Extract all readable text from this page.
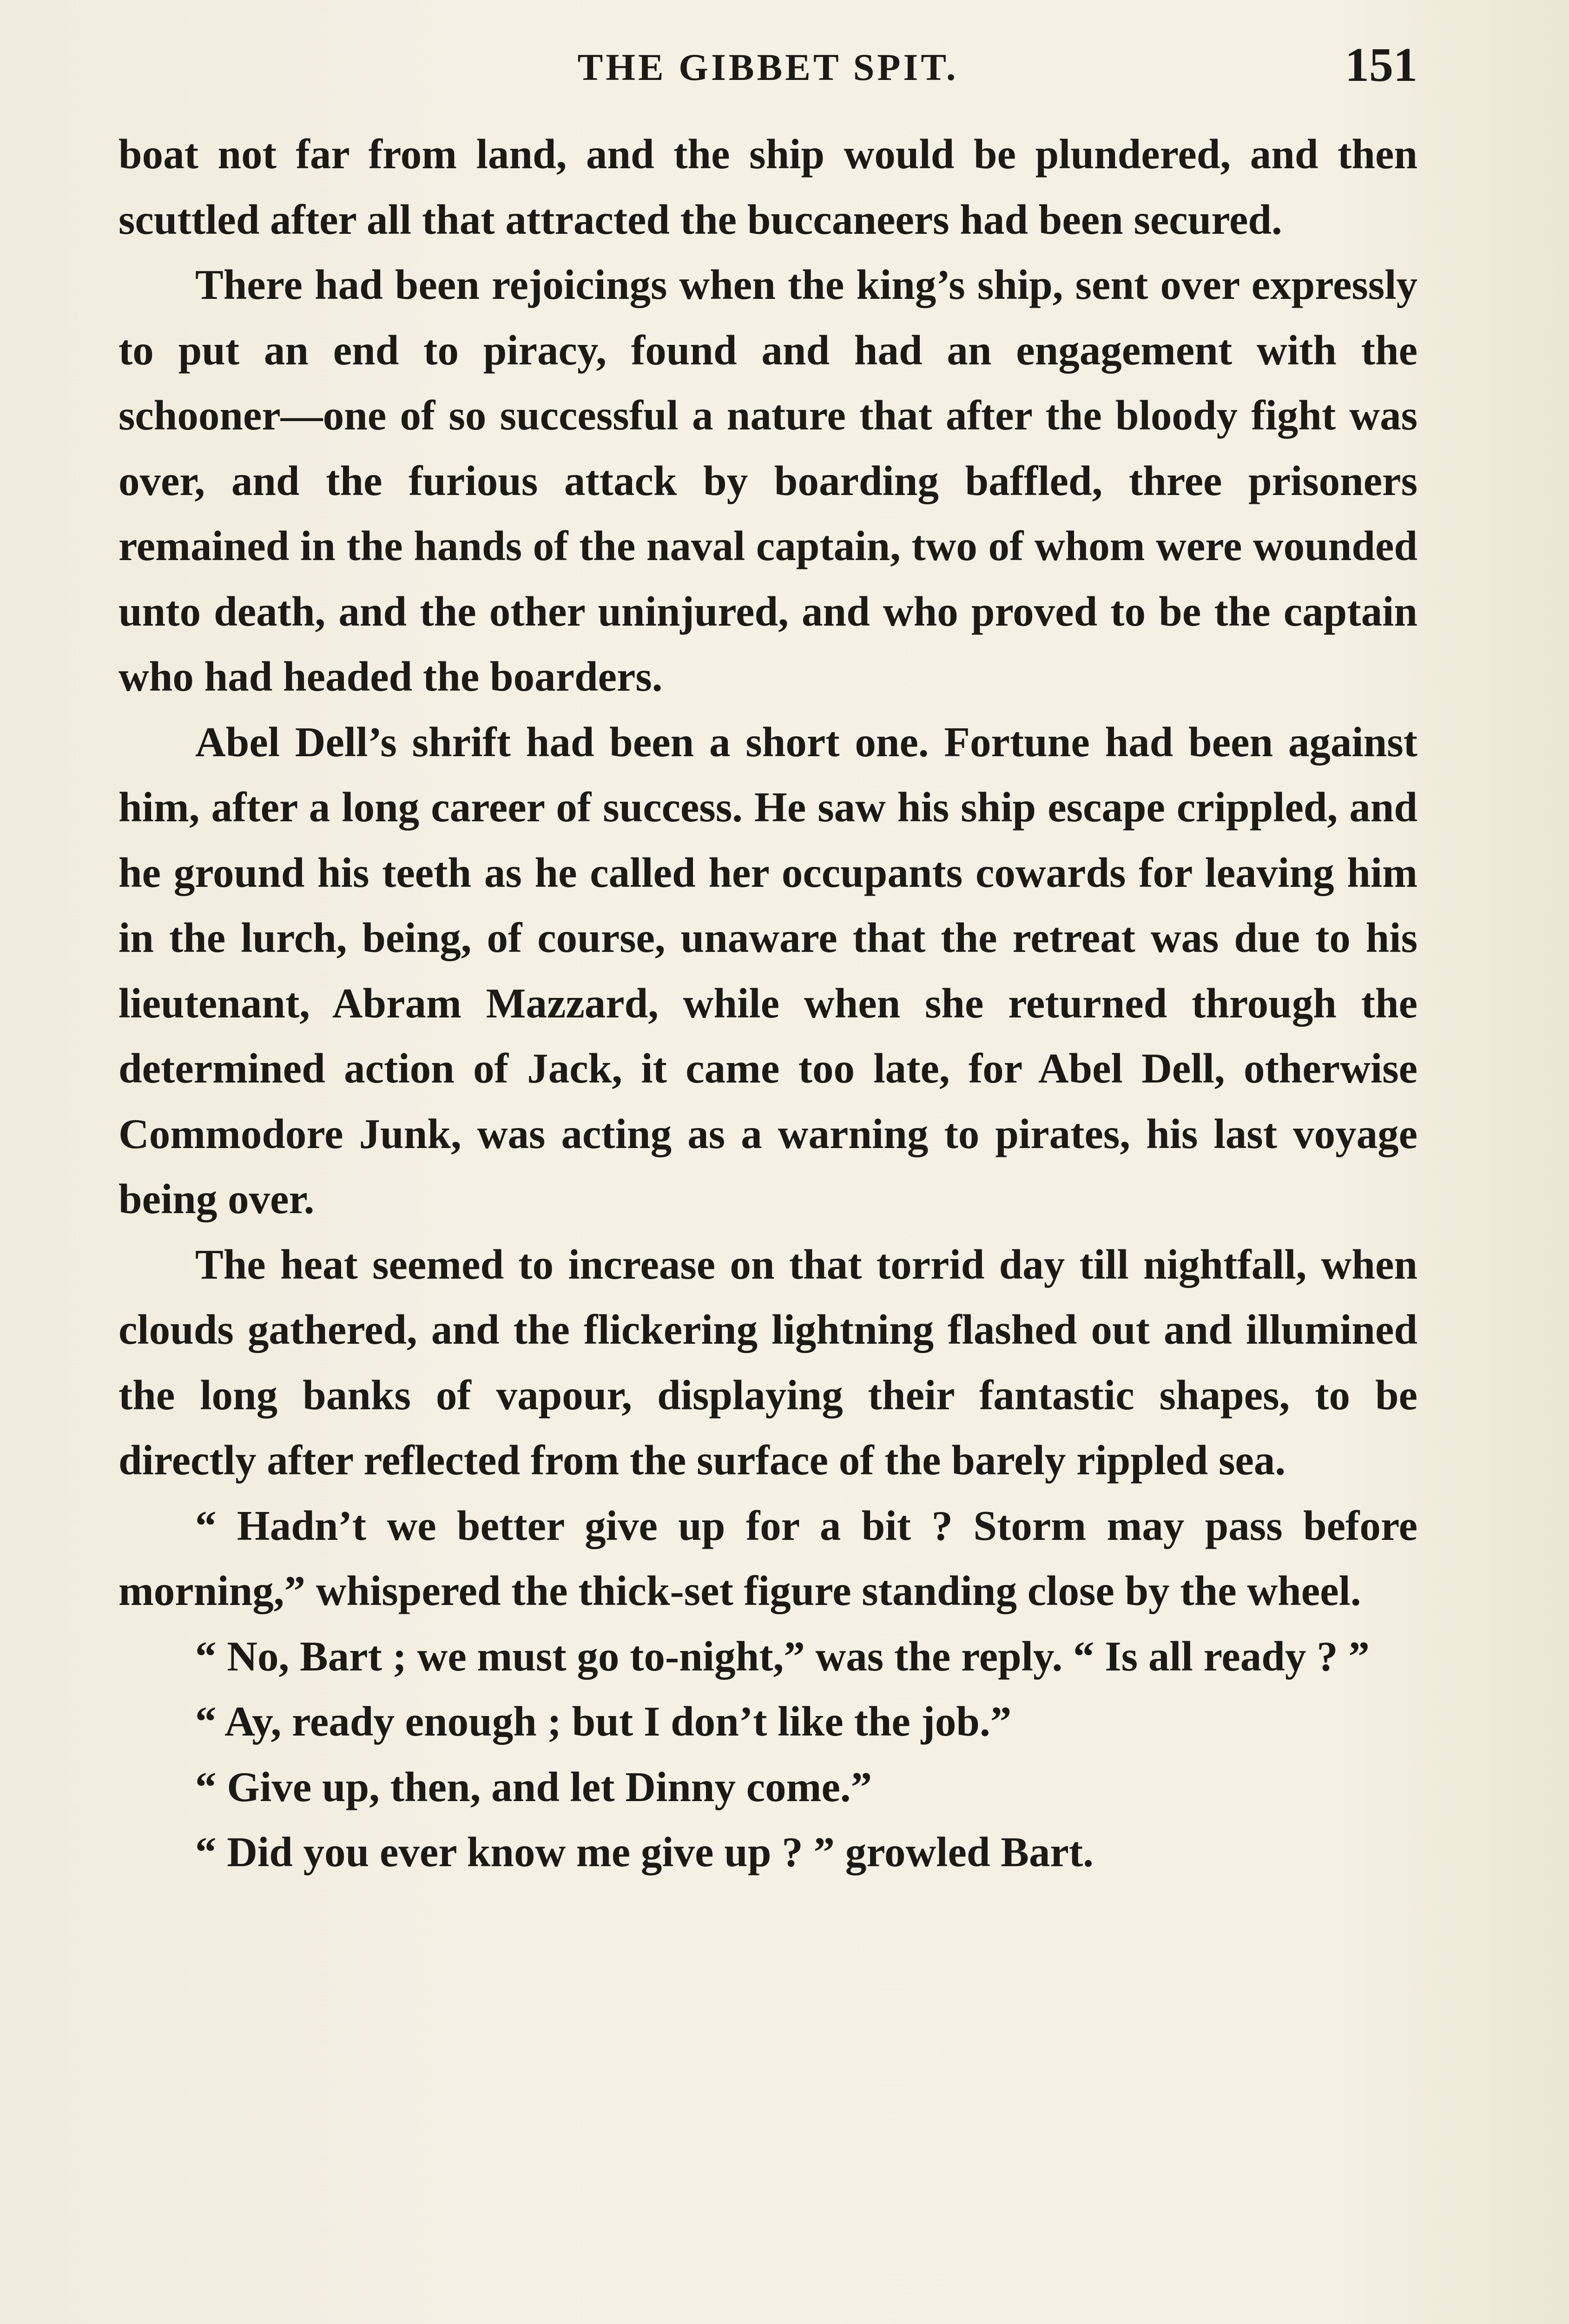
THE GIBBET SPIT.	151

boat not far from land, and the ship would be plundered, and then scuttled after all that attracted the buccaneers had been secured.

There had been rejoicings when the king’s ship, sent over expressly to put an end to piracy, found and had an engagement with the schooner—one of so successful a nature that after the bloody fight was over, and the furious attack by boarding baffled, three prisoners remained in the hands of the naval captain, two of whom were wounded unto death, and the other uninjured, and who proved to be the captain who had headed the boarders.

Abel Dell’s shrift had been a short one. Fortune had been against him, after a long career of success. He saw his ship escape crippled, and he ground his teeth as he called her occupants cowards for leaving him in the lurch, being, of course, unaware that the retreat was due to his lieutenant, Abram Mazzard, while when she returned through the determined action of Jack, it came too late, for Abel Dell, otherwise Commodore Junk, was acting as a warning to pirates, his last voyage being over.

The heat seemed to increase on that torrid day till nightfall, when clouds gathered, and the flickering lightning flashed out and illumined the long banks of vapour, displaying their fantastic shapes, to be directly after reflected from the surface of the barely rippled sea.

“ Hadn’t we better give up for a bit ? Storm may pass before morning,” whispered the thick-set figure standing close by the wheel.

“ No, Bart ; we must go to-night,” was the reply. “ Is all ready ? ”

“ Ay, ready enough ; but I don’t like the job.”

“ Give up, then, and let Dinny come.”

“ Did you ever know me give up ? ” growled Bart.
